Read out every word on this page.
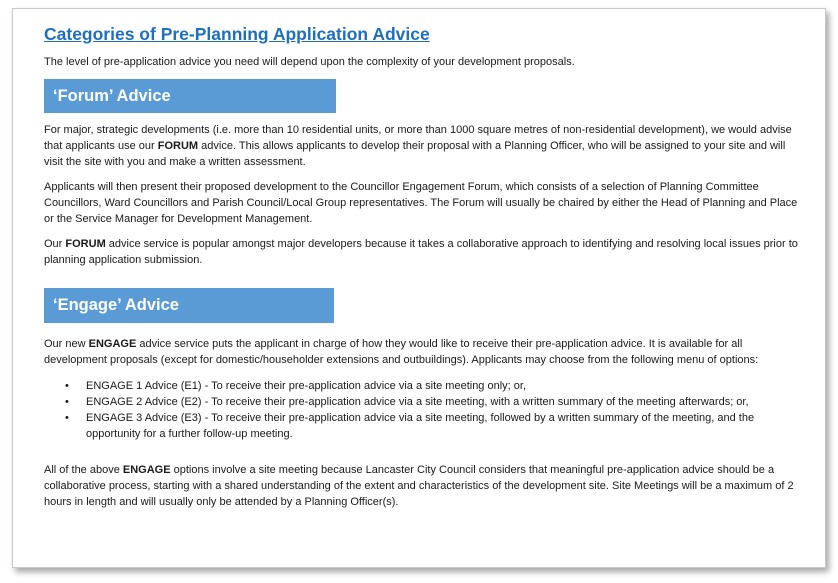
Categories of Pre-Planning Application Advice

The level of pre-application advice you need will depend upon the complexity of your development proposals.

‘Forum’ Advice

For major, strategic developments (i.e. more than 10 residential units, or more than 1000 square metres of non-residential development), we would advise that applicants use our FORUM advice. This allows applicants to develop their proposal with a Planning Officer, who will be assigned to your site and will visit the site with you and make a written assessment.

Applicants will then present their proposed development to the Councillor Engagement Forum, which consists of a selection of Planning Committee Councillors, Ward Councillors and Parish Council/Local Group representatives. The Forum will usually be chaired by either the Head of Planning and Place or the Service Manager for Development Management.

Our FORUM advice service is popular amongst major developers because it takes a collaborative approach to identifying and resolving local issues prior to planning application submission.

‘Engage’ Advice

Our new ENGAGE advice service puts the applicant in charge of how they would like to receive their pre-application advice. It is available for all development proposals (except for domestic/householder extensions and outbuildings). Applicants may choose from the following menu of options:

• ENGAGE 1 Advice (E1) - To receive their pre-application advice via a site meeting only; or,
• ENGAGE 2 Advice (E2) - To receive their pre-application advice via a site meeting, with a written summary of the meeting afterwards; or,
• ENGAGE 3 Advice (E3) - To receive their pre-application advice via a site meeting, followed by a written summary of the meeting, and the opportunity for a further follow-up meeting.

All of the above ENGAGE options involve a site meeting because Lancaster City Council considers that meaningful pre-application advice should be a collaborative process, starting with a shared understanding of the extent and characteristics of the development site. Site Meetings will be a maximum of 2 hours in length and will usually only be attended by a Planning Officer(s).
